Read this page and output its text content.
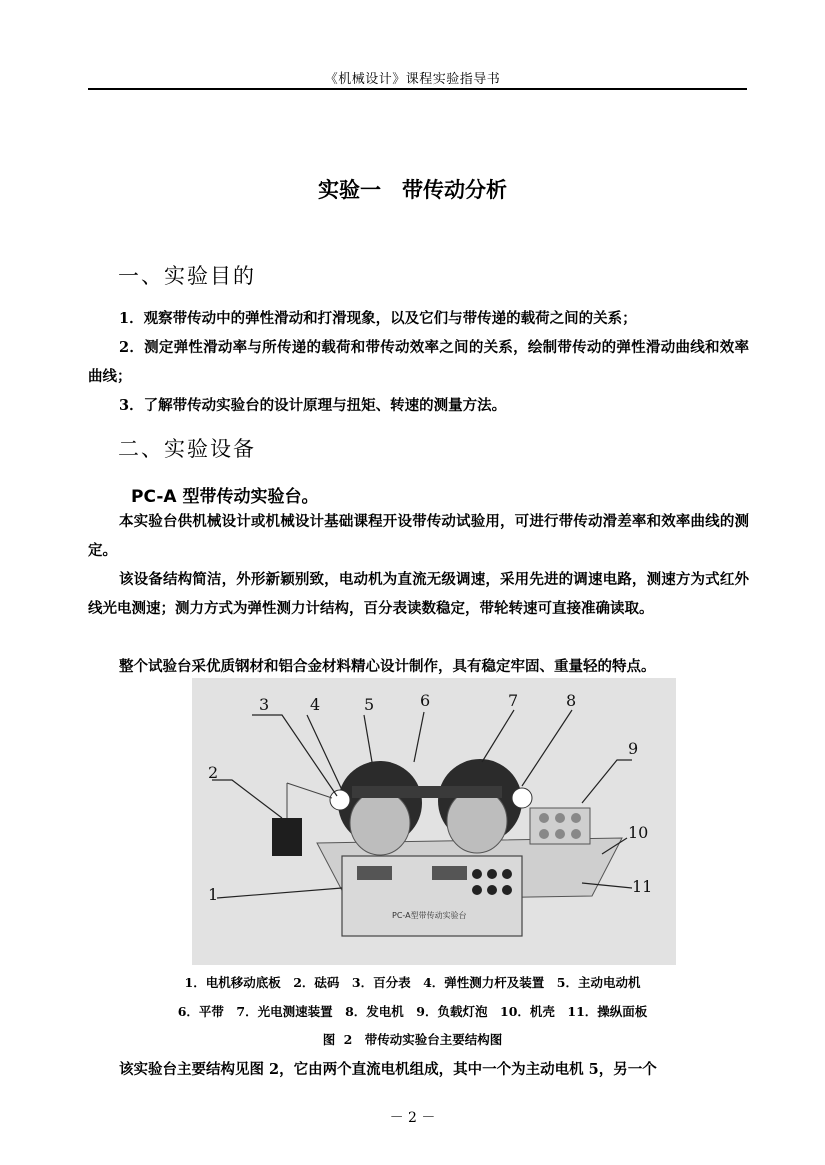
《机械设计》课程实验指导书
实验一　带传动分析
一、实验目的

1．观察带传动中的弹性滑动和打滑现象，以及它们与带传递的载荷之间的关系；

2．测定弹性滑动率与所传递的载荷和带传动效率之间的关系，绘制带传动的弹性滑动曲线和效率曲线；

3．了解带传动实验台的设计原理与扭矩、转速的测量方法。

二、实验设备
PC-A 型带传动实验台。

本实验台供机械设计或机械设计基础课程开设带传动试验用，可进行带传动滑差率和效率曲线的测定。

该设备结构简洁，外形新颖别致，电动机为直流无级调速，采用先进的调速电路，测速方为式红外线光电测速；测力方式为弹性测力计结构，百分表读数稳定，带轮转速可直接准确读取。

整个试验台采优质钢材和铝合金材料精心设计制作，具有稳定牢固、重量轻的特点。

PC-A型带传动实验台
3	4	5	6	7	8
9
2
10
11
1
1．电机移动底板　2．砝码　3．百分表　4．弹性测力杆及装置　5．主动电动机
6．平带　7．光电测速装置　8．发电机　9．负载灯泡　10．机壳　11．操纵面板
图 2　带传动实验台主要结构图

该实验台主要结构见图 2，它由两个直流电机组成，其中一个为主动电机 5，另一个

－ 2 －
